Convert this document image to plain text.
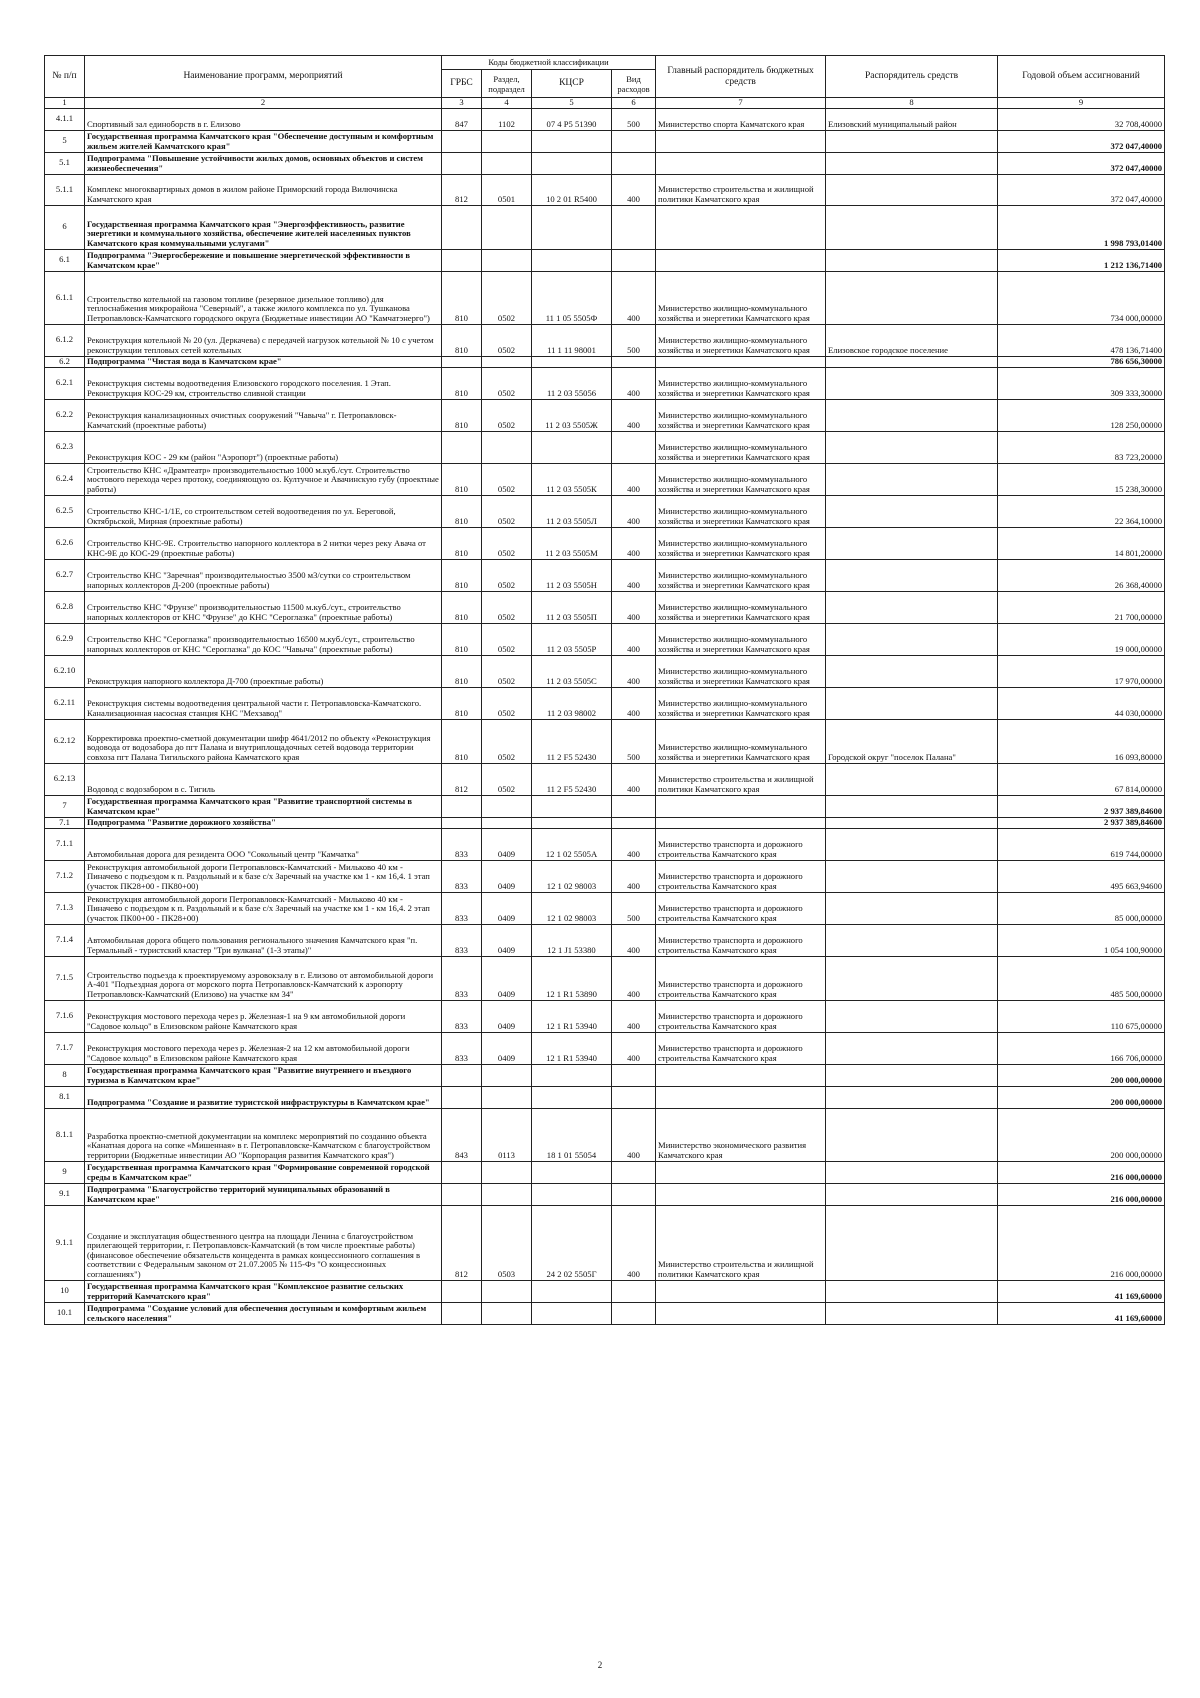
№ п/п	Наименование программ, мероприятий	Коды бюджетной классификации				Главный распорядитель бюджетных средств	Распорядитель средств	Годовой объем ассигнований
		ГРБС	Раздел, подраздел	КЦСР	Вид расходов			
1	2	3	4	5	6	7	8	9
4.1.1	Спортивный зал единоборств в г. Елизово	847	1102	07 4 P5 51390	500	Министерство спорта Камчатского края	Елизовский муниципальный район	32 708,40000
5	Государственная программа Камчатского края "Обеспечение доступным и комфортным жильем жителей Камчатского края"							372 047,40000
5.1	Подпрограмма "Повышение устойчивости жилых домов, основных объектов и систем жизнеобеспечения"							372 047,40000
5.1.1	Комплекс многоквартирных домов в жилом районе Приморский города Вилючинска Камчатского края	812	0501	10 2 01 R5400	400	Министерство строительства и жилищной политики Камчатского края		372 047,40000
6	Государственная программа Камчатского края "Энергоэффективность, развитие энергетики и коммунального хозяйства, обеспечение жителей населенных пунктов Камчатского края коммунальными услугами"							1 998 793,01400
6.1	Подпрограмма "Энергосбережение и повышение энергетической эффективности в Камчатском крае"							1 212 136,71400
6.1.1	Строительство котельной на газовом топливе (резервное дизельное топливо) для теплоснабжения микрорайона "Северный", а также жилого комплекса по ул. Тушканова Петропавловск-Камчатского городского округа (Бюджетные инвестиции АО "Камчатэнерго")	810	0502	11 1 05 5505Ф	400	Министерство жилищно-коммунального хозяйства и энергетики Камчатского края		734 000,00000
6.1.2	Реконструкция котельной № 20 (ул. Деркачева) с передачей нагрузок котельной № 10 с учетом реконструкции тепловых сетей котельных	810	0502	11 1 11 98001	500	Министерство жилищно-коммунального хозяйства и энергетики Камчатского края	Елизовское городское поселение	478 136,71400
6.2	Подпрограмма "Чистая вода в Камчатском крае"							786 656,30000
6.2.1	Реконструкция системы водоотведения Елизовского городского поселения. 1 Этап. Реконструкция КОС-29 км, строительство сливной станции	810	0502	11 2 03 55056	400	Министерство жилищно-коммунального хозяйства и энергетики Камчатского края		309 333,30000
6.2.2	Реконструкция канализационных очистных сооружений "Чавыча" г. Петропавловск-Камчатский (проектные работы)	810	0502	11 2 03 5505Ж	400	Министерство жилищно-коммунального хозяйства и энергетики Камчатского края		128 250,00000
6.2.3	Реконструкция КОС - 29 км (район "Аэропорт") (проектные работы)					Министерство жилищно-коммунального хозяйства и энергетики Камчатского края		83 723,20000
6.2.4	Строительство КНС «Драмтеатр» производительностью 1000 м.куб./сут. Строительство мостового перехода через протоку, соединяющую оз. Култучное и Авачинскую губу (проектные работы)	810	0502	11 2 03 5505К	400	Министерство жилищно-коммунального хозяйства и энергетики Камчатского края		15 238,30000
6.2.5	Строительство КНС-1/1Е, со строительством сетей водоотведения по ул. Береговой, Октябрьской, Мирная (проектные работы)	810	0502	11 2 03 5505Л	400	Министерство жилищно-коммунального хозяйства и энергетики Камчатского края		22 364,10000
6.2.6	Строительство КНС-9Е. Строительство напорного коллектора в 2 нитки через реку Авача от КНС-9Е до КОС-29 (проектные работы)	810	0502	11 2 03 5505М	400	Министерство жилищно-коммунального хозяйства и энергетики Камчатского края		14 801,20000
6.2.7	Строительство КНС "Заречная" производительностью 3500 м3/сутки со строительством напорных коллекторов Д-200 (проектные работы)	810	0502	11 2 03 5505Н	400	Министерство жилищно-коммунального хозяйства и энергетики Камчатского края		26 368,40000
6.2.8	Строительство КНС "Фрунзе" производительностью 11500 м.куб./сут., строительство напорных коллекторов от КНС "Фрунзе" до КНС "Сероглазка" (проектные работы)	810	0502	11 2 03 5505П	400	Министерство жилищно-коммунального хозяйства и энергетики Камчатского края		21 700,00000
6.2.9	Строительство КНС "Сероглазка" производительностью 16500 м.куб./сут., строительство напорных коллекторов от КНС "Сероглазка" до КОС "Чавыча" (проектные работы)	810	0502	11 2 03 5505Р	400	Министерство жилищно-коммунального хозяйства и энергетики Камчатского края		19 000,00000
6.2.10	Реконструкция напорного коллектора Д-700 (проектные работы)	810	0502	11 2 03 5505С	400	Министерство жилищно-коммунального хозяйства и энергетики Камчатского края		17 970,00000
6.2.11	Реконструкция системы водоотведения центральной части г. Петропавловска-Камчатского. Канализационная насосная станция КНС "Мехзавод"	810	0502	11 2 03 98002	400	Министерство жилищно-коммунального хозяйства и энергетики Камчатского края		44 030,00000
6.2.12	Корректировка проектно-сметной документации шифр 4641/2012 по объекту «Реконструкция водовода от водозабора до пгт Палана и внутриплощадочных сетей водовода территории совхоза пгт Палана Тигильского района Камчатского края	810	0502	11 2 F5 52430	500	Министерство жилищно-коммунального хозяйства и энергетики Камчатского края	Городской округ "поселок Палана"	16 093,80000
6.2.13	Водовод с водозабором в с. Тигиль	812	0502	11 2 F5 52430	400	Министерство строительства и жилищной политики Камчатского края		67 814,00000
7	Государственная программа Камчатского края "Развитие транспортной системы в Камчатском крае"							2 937 389,84600
7.1	Подпрограмма "Развитие дорожного хозяйства"							2 937 389,84600
7.1.1	Автомобильная дорога для резидента ООО "Сокольный центр "Камчатка"	833	0409	12 1 02 5505А	400	Министерство транспорта и дорожного строительства Камчатского края		619 744,00000
7.1.2	Реконструкция автомобильной дороги Петропавловск-Камчатский - Мильково 40 км - Пиначево с подъездом к п. Раздольный и к базе с/х Заречный на участке км 1 - км 16,4. 1 этап (участок ПК28+00 - ПК80+00)	833	0409	12 1 02 98003	400	Министерство транспорта и дорожного строительства Камчатского края		495 663,94600
7.1.3	Реконструкция автомобильной дороги Петропавловск-Камчатский - Мильково 40 км - Пиначево с подъездом к п. Раздольный и к базе с/х Заречный на участке км 1 - км 16,4. 2 этап (участок ПК00+00 - ПК28+00)	833	0409	12 1 02 98003	500	Министерство транспорта и дорожного строительства Камчатского края		85 000,00000
7.1.4	Автомобильная дорога общего пользования регионального значения Камчатского края "п. Термальный - туристский кластер "Три вулкана" (1-3 этапы)"	833	0409	12 1 J1 53380	400	Министерство транспорта и дорожного строительства Камчатского края		1 054 100,90000
7.1.5	Строительство подъезда к проектируемому аэровокзалу в г. Елизово от автомобильной дороги А-401 "Подъездная дорога от морского порта Петропавловск-Камчатский к аэропорту Петропавловск-Камчатский (Елизово) на участке км 34"	833	0409	12 1 R1 53890	400	Министерство транспорта и дорожного строительства Камчатского края		485 500,00000
7.1.6	Реконструкция мостового перехода через р. Железная-1 на 9 км автомобильной дороги "Садовое кольцо" в Елизовском районе Камчатского края	833	0409	12 1 R1 53940	400	Министерство транспорта и дорожного строительства Камчатского края		110 675,00000
7.1.7	Реконструкция мостового перехода через р. Железная-2 на 12 км автомобильной дороги "Садовое кольцо" в Елизовском районе Камчатского края	833	0409	12 1 R1 53940	400	Министерство транспорта и дорожного строительства Камчатского края		166 706,00000
8	Государственная программа Камчатского края "Развитие внутреннего и въездного туризма в Камчатском крае"							200 000,00000
8.1	Подпрограмма "Создание и развитие туристской инфраструктуры в Камчатском крае"							200 000,00000
8.1.1	Разработка проектно-сметной документации на комплекс мероприятий по созданию объекта «Канатная дорога на сопке «Мишенная» в г. Петропавловске-Камчатском с благоустройством территории (Бюджетные инвестиции АО "Корпорация развития Камчатского края")	843	0113	18 1 01 55054	400	Министерство экономического развития Камчатского края		200 000,00000
9	Государственная программа Камчатского края "Формирование современной городской среды в Камчатском крае"							216 000,00000
9.1	Подпрограмма "Благоустройство территорий муниципальных образований в Камчатском крае"							216 000,00000
9.1.1	Создание и эксплуатация общественного центра на площади Ленина с благоустройством прилегающей территории, г. Петропавловск-Камчатский (в том числе проектные работы) (финансовое обеспечение обязательств концедента в рамках концессионного соглашения в соответствии с Федеральным законом от 21.07.2005 № 115-Фз "О концессионных соглашениях")	812	0503	24 2 02 5505Г	400	Министерство строительства и жилищной политики Камчатского края		216 000,00000
10	Государственная программа Камчатского края "Комплексное развитие сельских территорий Камчатского края"							41 169,60000
10.1	Подпрограмма "Создание условий для обеспечения доступным и комфортным жильем сельского населения"							41 169,60000
2
